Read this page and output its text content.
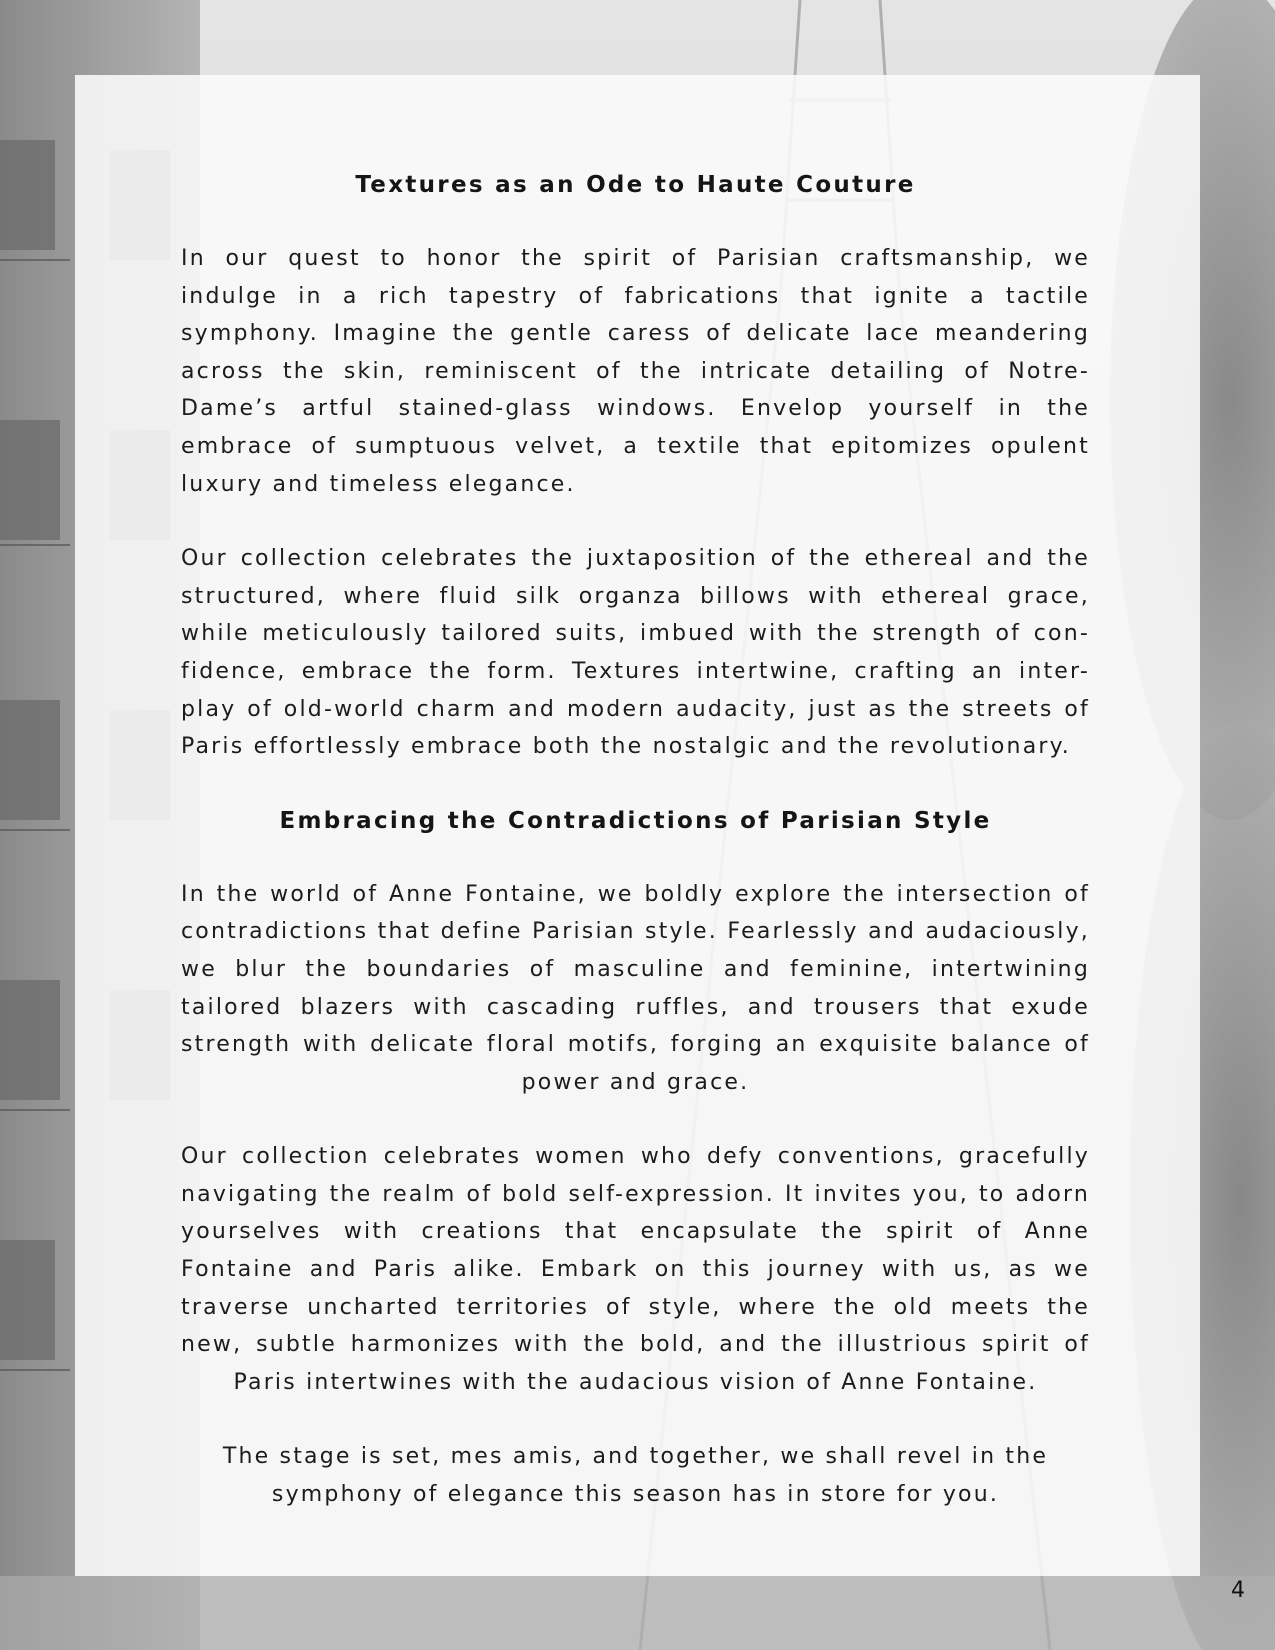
Textures as an Ode to Haute Couture

In our quest to honor the spirit of Parisian craftsmanship, we indulge in a rich tapestry of fabrications that ignite a tactile symphony. Imagine the gentle caress of delicate lace meandering across the skin, reminiscent of the intricate detailing of Notre-Dame’s artful stained-glass windows. Envelop yourself in the embrace of sumptuous velvet, a textile that epitomizes opulent luxury and timeless elegance.

Our collection celebrates the juxtaposition of the ethereal and the structured, where fluid silk organza billows with ethereal grace, while meticulously tailored suits, imbued with the strength of con-fidence, embrace the form. Textures intertwine, crafting an inter-play of old-world charm and modern audacity, just as the streets of Paris effortlessly embrace both the nostalgic and the revolutionary.

Embracing the Contradictions of Parisian Style

In the world of Anne Fontaine, we boldly explore the intersection of contradictions that define Parisian style. Fearlessly and audaciously, we blur the boundaries of masculine and feminine, intertwining tailored blazers with cascading ruffles, and trousers that exude strength with delicate floral motifs, forging an exquisite balance of power and grace.

Our collection celebrates women who defy conventions, gracefully navigating the realm of bold self-expression. It invites you, to adorn yourselves with creations that encapsulate the spirit of Anne Fontaine and Paris alike. Embark on this journey with us, as we traverse uncharted territories of style, where the old meets the new, subtle harmonizes with the bold, and the illustrious spirit of Paris intertwines with the audacious vision of Anne Fontaine.

The stage is set, mes amis, and together, we shall revel in the symphony of elegance this season has in store for you.

4
